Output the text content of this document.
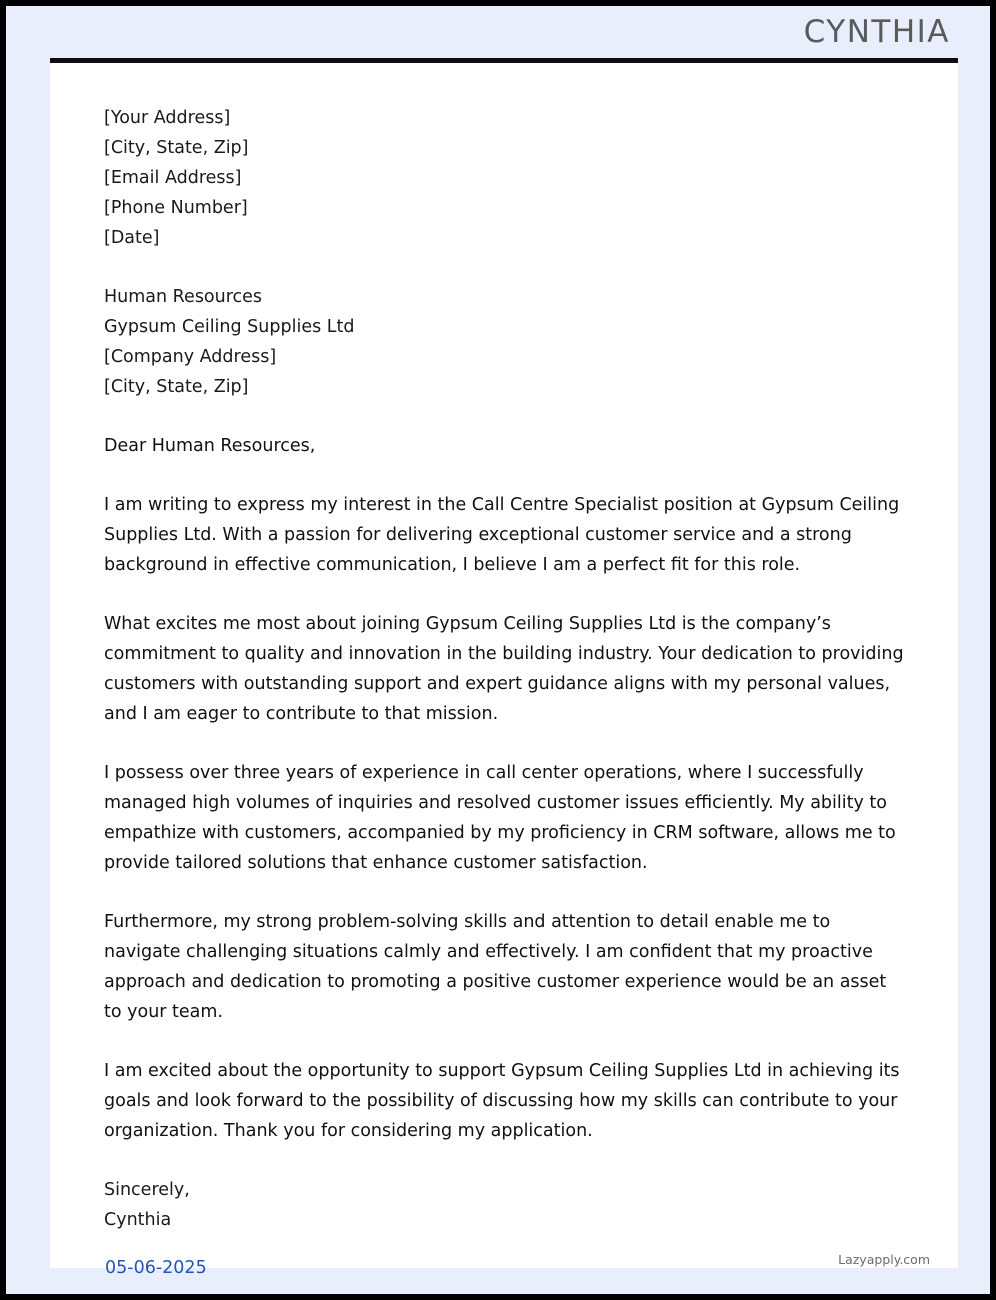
CYNTHIA
[Your Address]
[City, State, Zip]
[Email Address]
[Phone Number]
[Date]
Human Resources
Gypsum Ceiling Supplies Ltd
[Company Address]
[City, State, Zip]

Dear Human Resources,

I am writing to express my interest in the Call Centre Specialist position at Gypsum Ceiling Supplies Ltd. With a passion for delivering exceptional customer service and a strong background in effective communication, I believe I am a perfect fit for this role.

What excites me most about joining Gypsum Ceiling Supplies Ltd is the company’s commitment to quality and innovation in the building industry. Your dedication to providing customers with outstanding support and expert guidance aligns with my personal values, and I am eager to contribute to that mission.

I possess over three years of experience in call center operations, where I successfully managed high volumes of inquiries and resolved customer issues efficiently. My ability to empathize with customers, accompanied by my proficiency in CRM software, allows me to provide tailored solutions that enhance customer satisfaction.

Furthermore, my strong problem-solving skills and attention to detail enable me to navigate challenging situations calmly and effectively. I am confident that my proactive approach and dedication to promoting a positive customer experience would be an asset to your team.

I am excited about the opportunity to support Gypsum Ceiling Supplies Ltd in achieving its goals and look forward to the possibility of discussing how my skills can contribute to your organization. Thank you for considering my application.

Sincerely,
Cynthia
05-06-2025	Lazyapply.com
